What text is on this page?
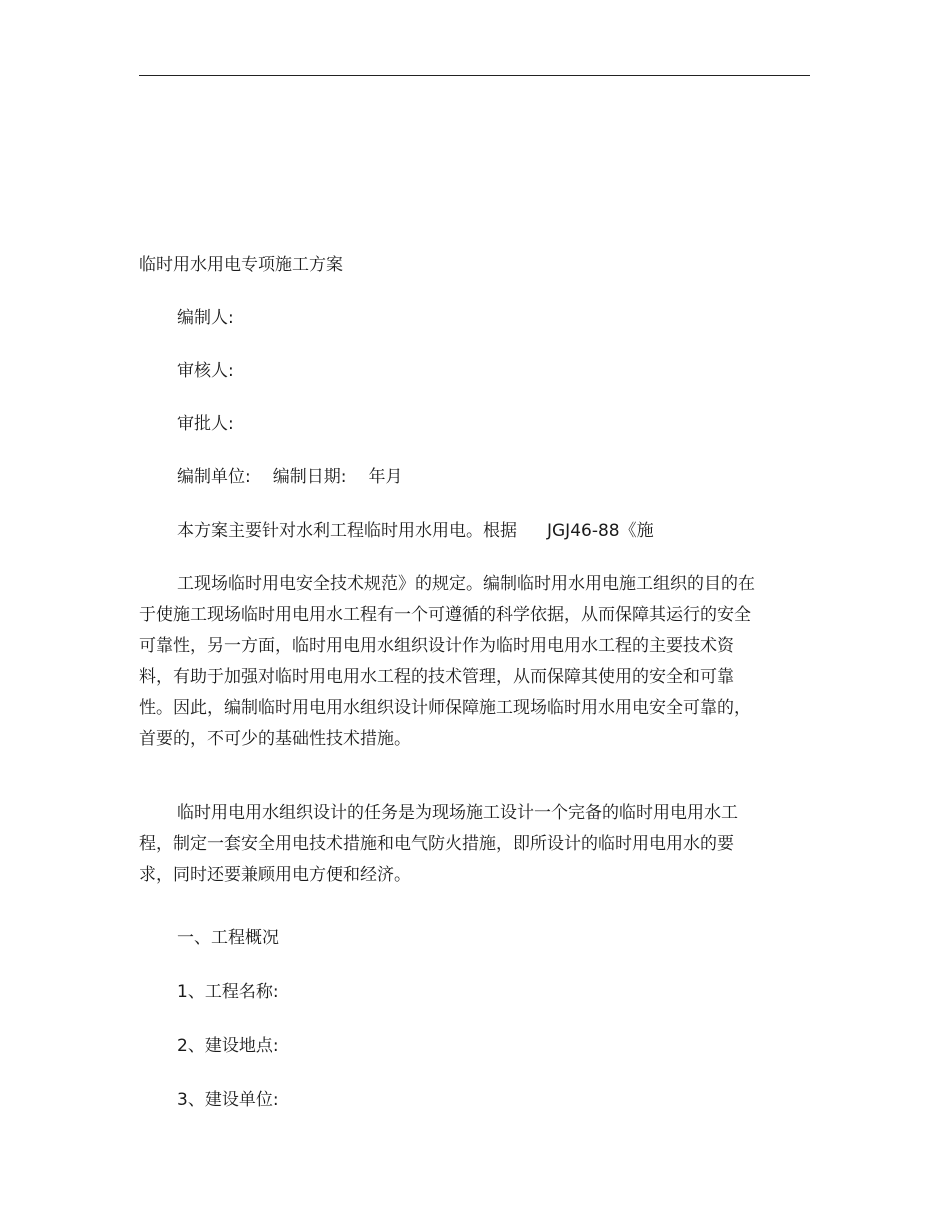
临时用水用电专项施工方案
编制人:
审核人:
审批人:
编制单位: 编制日期: 年月
本方案主要针对水利工程临时用水用电。根据 JGJ46-88《施
工现场临时用电安全技术规范》的规定。编制临时用水用电施工组织的目的在
于使施工现场临时用电用水工程有一个可遵循的科学依据，从而保障其运行的安全
可靠性，另一方面，临时用电用水组织设计作为临时用电用水工程的主要技术资
料，有助于加强对临时用电用水工程的技术管理，从而保障其使用的安全和可靠
性。因此，编制临时用电用水组织设计师保障施工现场临时用水用电安全可靠的，
首要的，不可少的基础性技术措施。
临时用电用水组织设计的任务是为现场施工设计一个完备的临时用电用水工
程，制定一套安全用电技术措施和电气防火措施，即所设计的临时用电用水的要
求，同时还要兼顾用电方便和经济。
一、工程概况
1、工程名称:
2、建设地点:
3、建设单位:
